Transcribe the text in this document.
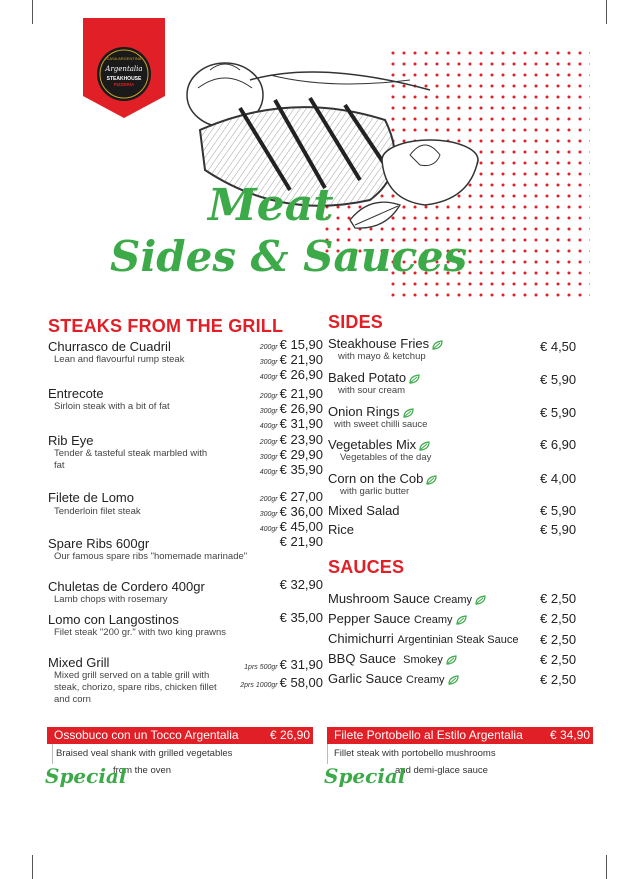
CASA ARGENTINA
Argentalia
STEAKHOUSE
PIZZERIA
Meat
Sides & Sauces
STEAKS FROM THE GRILL
Churrasco de Cuadril
Lean and flavourful rump steak
200gr € 15,90
300gr € 21,90
400gr € 26,90
Entrecote
Sirloin steak with a bit of fat
200gr € 21,90
300gr € 26,90
400gr € 31,90
Rib Eye
Tender & tasteful steak marbled with fat
200gr € 23,90
300gr € 29,90
400gr € 35,90
Filete de Lomo
Tenderloin filet steak
200gr € 27,00
300gr € 36,00
400gr € 45,00
Spare Ribs 600gr
Our famous spare ribs "homemade marinade"
€ 21,90
Chuletas de Cordero 400gr
Lamb chops with rosemary
€ 32,90
Lomo con Langostinos
Filet steak "200 gr." with two king prawns
€ 35,00
Mixed Grill
Mixed grill served on a table grill with steak, chorizo, spare ribs, chicken fillet and corn
1prs 500gr € 31,90
2prs 1000gr € 58,00
SIDES
Steakhouse Fries
with mayo & ketchup
€ 4,50
Baked Potato
with sour cream
€ 5,90
Onion Rings
with sweet chilli sauce
€ 5,90
Vegetables Mix
Vegetables of the day
€ 6,90
Corn on the Cob
with garlic butter
€ 4,00
Mixed Salad	€ 5,90
Rice	€ 5,90
SAUCES
Mushroom Sauce Creamy	€ 2,50
Pepper Sauce Creamy	€ 2,50
Chimichurri Argentinian Steak Sauce € 2,50
BBQ Sauce Smokey	€ 2,50
Garlic Sauce Creamy	€ 2,50
Ossobuco con un Tocco Argentalia	€ 26,90
Braised veal shank with grilled vegetables
from the oven
Special
Filete Portobello al Estilo Argentalia € 34,90
Fillet steak with portobello mushrooms
and demi-glace sauce
Special
